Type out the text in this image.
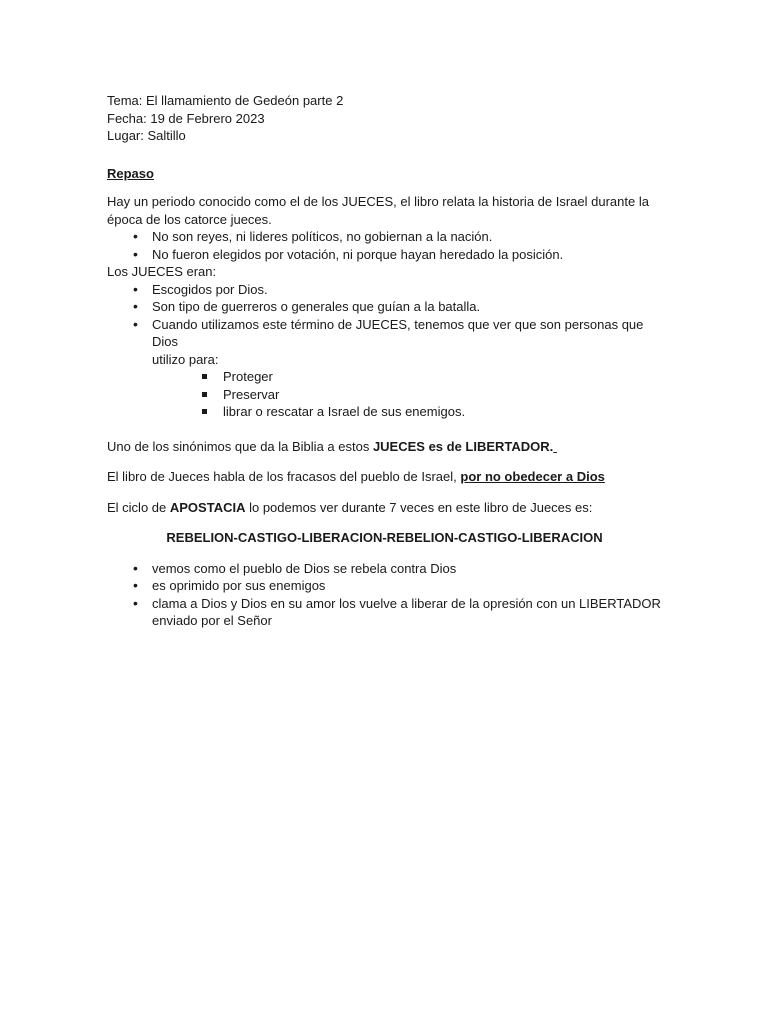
Tema: El llamamiento de Gedeón parte 2

Fecha: 19 de Febrero 2023

Lugar: Saltillo

Repaso

Hay un periodo conocido como el de los JUECES, el libro relata la historia de Israel durante la

época de los catorce jueces.

• No son reyes, ni lideres políticos, no gobiernan a la nación.
• No fueron elegidos por votación, ni porque hayan heredado la posición.

Los JUECES eran:

• Escogidos por Dios.
• Son tipo de guerreros o generales que guían a la batalla.
• Cuando utilizamos este término de JUECES, tenemos que ver que son personas que Dios
utilizo para:
Proteger
Preservar
librar o rescatar a Israel de sus enemigos.

Uno de los sinónimos que da la Biblia a estos JUECES es de LIBERTADOR.

El libro de Jueces habla de los fracasos del pueblo de Israel, por no obedecer a Dios

El ciclo de APOSTACIA lo podemos ver durante 7 veces en este libro de Jueces es:

REBELION-CASTIGO-LIBERACION-REBELION-CASTIGO-LIBERACION

• vemos como el pueblo de Dios se rebela contra Dios
• es oprimido por sus enemigos
• clama a Dios y Dios en su amor los vuelve a liberar de la opresión con un LIBERTADOR
enviado por el Señor
